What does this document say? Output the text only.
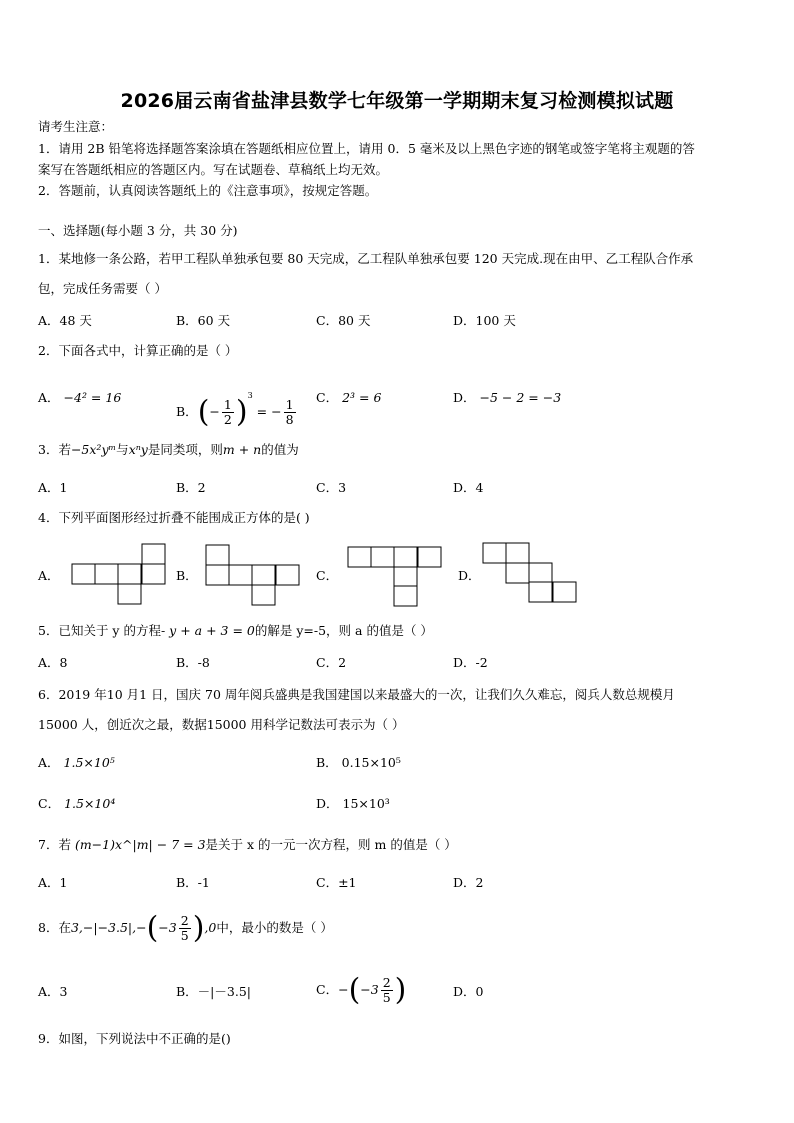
2026届云南省盐津县数学七年级第一学期期末复习检测模拟试题
请考生注意：
1．请用 2B 铅笔将选择题答案涂填在答题纸相应位置上，请用 0．5 毫米及以上黑色字迹的钢笔或签字笔将主观题的答
案写在答题纸相应的答题区内。写在试题卷、草稿纸上均无效。
2．答题前，认真阅读答题纸上的《注意事项》，按规定答题。
一、选择题(每小题 3 分，共 30 分)
1．某地修一条公路，若甲工程队单独承包要 80 天完成，乙工程队单独承包要 120 天完成.现在由甲、乙工程队合作承
包，完成任务需要（ ）
A．48 天	B．60 天	C．80 天	D．100 天
2．下面各式中，计算正确的是（ ）
A． −4² = 16
B．(− $\frac{1}{2} )^3$ = − $\frac{1}{8}$
C． 2³ = 6	D． −5 − 2 = −3
3．若−5x²yᵐ与xⁿy是同类项，则m + n的值为
A．1	B．2	C．3	D．4
4．下列平面图形经过折叠不能围成正方体的是( )
A．	B．	C．	D．
5．已知关于 y 的方程- y + a + 3 = 0的解是 y=-5，则 a 的值是（ ）
A．8	B．-8	C．2	D．-2
6．2019 年10 月1 日，国庆 70 周年阅兵盛典是我国建国以来最盛大的一次，让我们久久难忘，阅兵人数总规模月
15000 人，创近次之最，数据15000 用科学记数法可表示为（ ）
A． 1.5×10⁵	B． 0.15×10⁵
C． 1.5×10⁴	D． 15×10³
7．若 (m−1)x^|m| − 7 = 3是关于 x 的一元一次方程，则 m 的值是（ ）
A．1	B．-1	C．±1	D．2
8．在$3,-|-3.5|,-(-3 \frac{2}{5} ),0$中，最小的数是（ ）
A．3	B．－|－3.5|	C．$-(-3 \frac{2}{5}$ )	D．0
9．如图，下列说法中不正确的是()
